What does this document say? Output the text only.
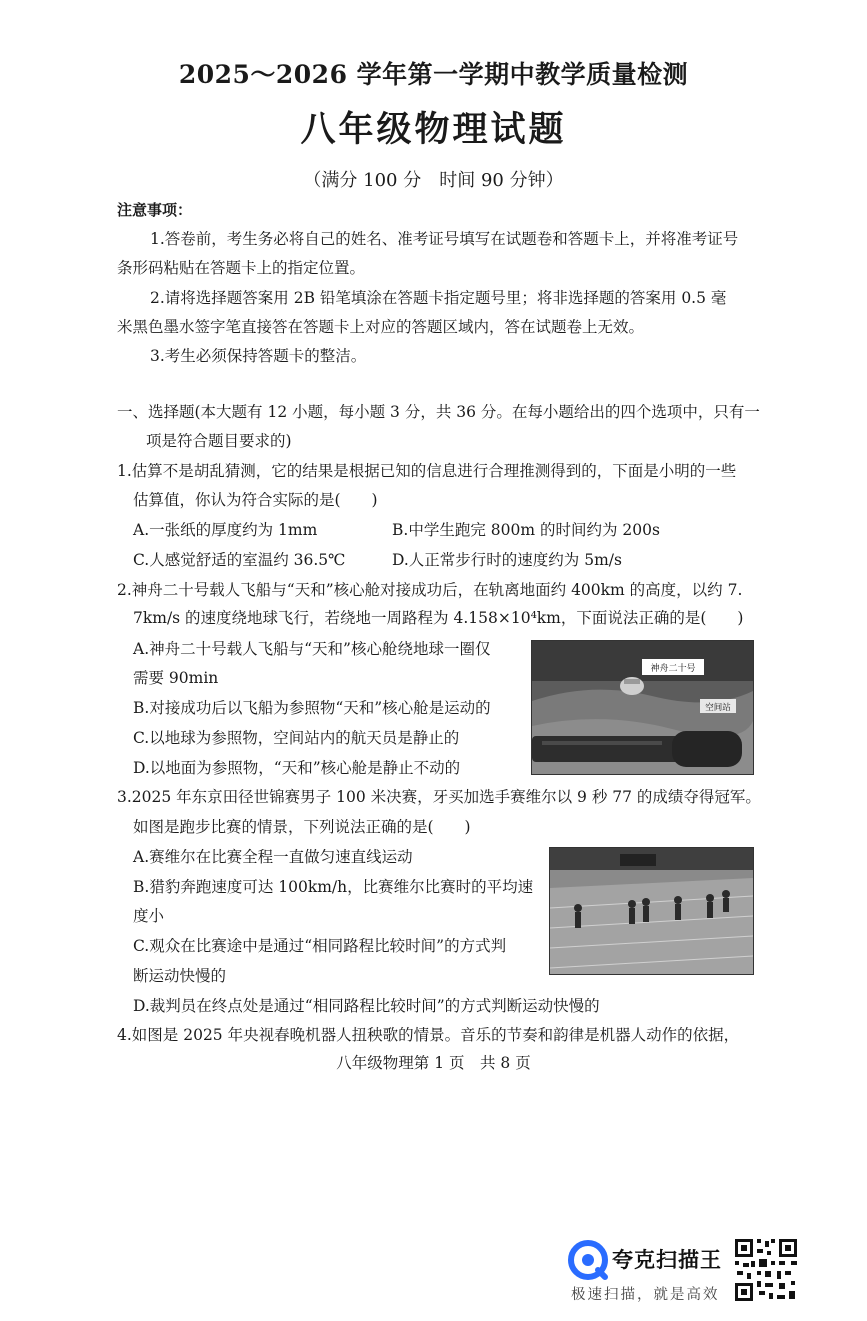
2025～2026 学年第一学期中教学质量检测
八年级物理试题
（满分 100 分　时间 90 分钟）
注意事项：
1.答卷前，考生务必将自己的姓名、准考证号填写在试题卷和答题卡上，并将准考证号
条形码粘贴在答题卡上的指定位置。
2.请将选择题答案用 2B 铅笔填涂在答题卡指定题号里；将非选择题的答案用 0.5 毫
米黑色墨水签字笔直接答在答题卡上对应的答题区域内，答在试题卷上无效。
3.考生必须保持答题卡的整洁。
一、选择题(本大题有 12 小题，每小题 3 分，共 36 分。在每小题给出的四个选项中，只有一
项是符合题目要求的)
1.估算不是胡乱猜测，它的结果是根据已知的信息进行合理推测得到的，下面是小明的一些
估算值，你认为符合实际的是(　　)
A.一张纸的厚度约为 1mm	B.中学生跑完 800m 的时间约为 200s
C.人感觉舒适的室温约 36.5℃	D.人正常步行时的速度约为 5m/s
2.神舟二十号载人飞船与“天和”核心舱对接成功后，在轨离地面约 400km 的高度，以约 7.
7km/s 的速度绕地球飞行，若绕地一周路程为 4.158×10⁴km，下面说法正确的是(　　)
A.神舟二十号载人飞船与“天和”核心舱绕地球一圈仅
需要 90min
B.对接成功后以飞船为参照物“天和”核心舱是运动的
C.以地球为参照物，空间站内的航天员是静止的
D.以地面为参照物，“天和”核心舱是静止不动的
神舟二十号
空间站
3.2025 年东京田径世锦赛男子 100 米决赛，牙买加选手赛维尔以 9 秒 77 的成绩夺得冠军。
如图是跑步比赛的情景，下列说法正确的是(　　)
A.赛维尔在比赛全程一直做匀速直线运动
B.猎豹奔跑速度可达 100km/h，比赛维尔比赛时的平均速
度小
C.观众在比赛途中是通过“相同路程比较时间”的方式判
断运动快慢的
D.裁判员在终点处是通过“相同路程比较时间”的方式判断运动快慢的
4.如图是 2025 年央视春晚机器人扭秧歌的情景。音乐的节奏和韵律是机器人动作的依据，
八年级物理第 1 页　共 8 页
夸克扫描王
极速扫描，就是高效
